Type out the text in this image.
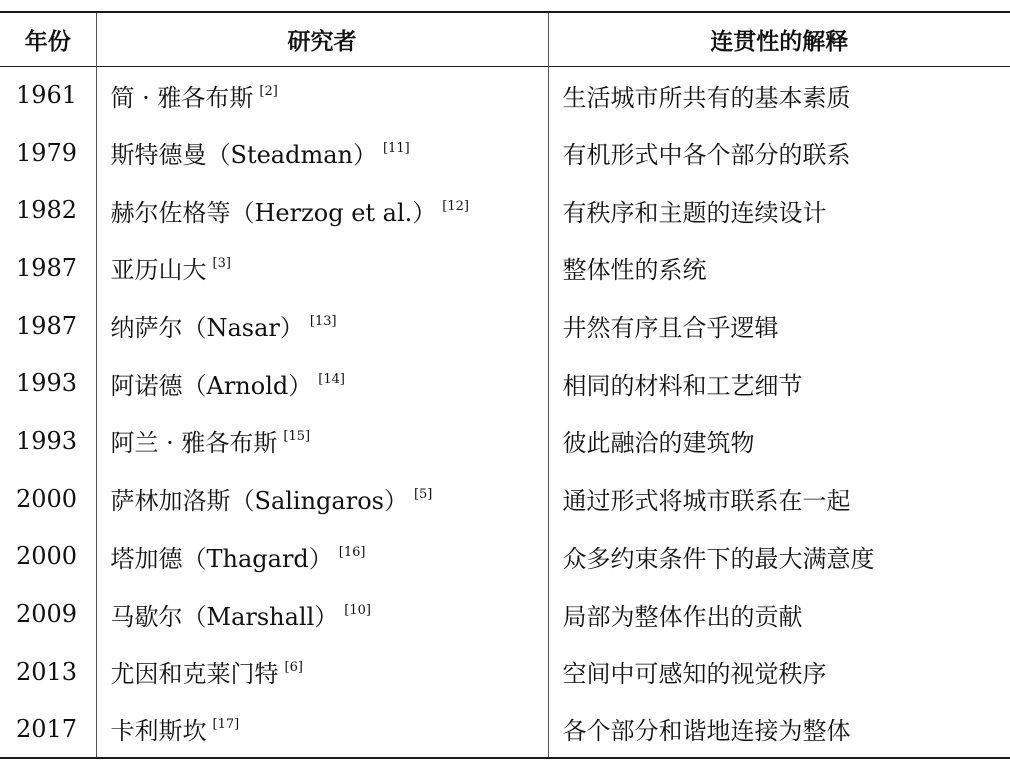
年份	研究者	连贯性的解释
1961	简 · 雅各布斯 [2]	生活城市所共有的基本素质
1979	斯特德曼（Steadman） [11]	有机形式中各个部分的联系
1982	赫尔佐格等（Herzog et al.） [12]	有秩序和主题的连续设计
1987	亚历山大 [3]	整体性的系统
1987	纳萨尔（Nasar） [13]	井然有序且合乎逻辑
1993	阿诺德（Arnold） [14]	相同的材料和工艺细节
1993	阿兰 · 雅各布斯 [15]	彼此融洽的建筑物
2000	萨林加洛斯（Salingaros） [5]	通过形式将城市联系在一起
2000	塔加德（Thagard） [16]	众多约束条件下的最大满意度
2009	马歇尔（Marshall） [10]	局部为整体作出的贡献
2013	尤因和克莱门特 [6]	空间中可感知的视觉秩序
2017	卡利斯坎 [17]	各个部分和谐地连接为整体
